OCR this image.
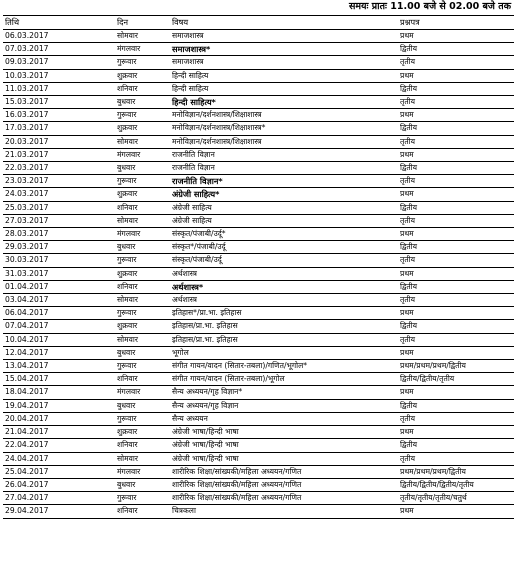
समयः प्रातः 11.00 बजे से 02.00 बजे तक
तिथि	दिन	विषय	प्रश्नपत्र
06.03.2017	सोमवार	समाजशास्त्र	प्रथम
07.03.2017	मंगलवार	समाजशास्त्र*	द्वितीय
09.03.2017	गुरूवार	समाजशास्त्र	तृतीय
10.03.2017	शुक्रवार	हिन्दी साहित्य	प्रथम
11.03.2017	शनिवार	हिन्दी साहित्य	द्वितीय
15.03.2017	बुधवार	हिन्दी साहित्य*	तृतीय
16.03.2017	गुरूवार	मनोविज्ञान/दर्शनशास्त्र/शिक्षाशास्त्र	प्रथम
17.03.2017	शुक्रवार	मनोविज्ञान/दर्शनशास्त्र/शिक्षाशास्त्र*	द्वितीय
20.03.2017	सोमवार	मनोविज्ञान/दर्शनशास्त्र/शिक्षाशास्त्र	तृतीय
21.03.2017	मंगलवार	राजनीति विज्ञान	प्रथम
22.03.2017	बुधवार	राजनीति विज्ञान	द्वितीय
23.03.2017	गुरूवार	राजनीति विज्ञान*	तृतीय
24.03.2017	शुक्रवार	अंग्रेजी साहित्य*	प्रथम
25.03.2017	शनिवार	अंग्रेजी साहित्य	द्वितीय
27.03.2017	सोमवार	अंग्रेजी साहित्य	तृतीय
28.03.2017	मंगलवार	संस्कृत/पंजाबी/उर्दू*	प्रथम
29.03.2017	बुधवार	संस्कृत*/पंजाबी/उर्दू	द्वितीय
30.03.2017	गुरूवार	संस्कृत/पंजाबी/उर्दू	तृतीय
31.03.2017	शुक्रवार	अर्थशास्त्र	प्रथम
01.04.2017	शनिवार	अर्थशास्त्र*	द्वितीय
03.04.2017	सोमवार	अर्थशास्त्र	तृतीय
06.04.2017	गुरूवार	इतिहास*/प्रा.भा. इतिहास	प्रथम
07.04.2017	शुक्रवार	इतिहास/प्रा.भा. इतिहास	द्वितीय
10.04.2017	सोमवार	इतिहास/प्रा.भा. इतिहास	तृतीय
12.04.2017	बुधवार	भूगोल	प्रथम
13.04.2017	गुरूवार	संगीत गायन/वादन (सितार-तबला)/गणित/भूगोल*	प्रथम/प्रथम/प्रथम/द्वितीय
15.04.2017	शनिवार	संगीत गायन/वादन (सितार-तबला)/भूगोल	द्वितीय/द्वितीय/तृतीय
18.04.2017	मंगलवार	सैन्य अध्ययन/गृह विज्ञान*	प्रथम
19.04.2017	बुधवार	सैन्य अध्ययन/गृह विज्ञान	द्वितीय
20.04.2017	गुरूवार	सैन्य अध्ययन	तृतीय
21.04.2017	शुक्रवार	अंग्रेजी भाषा/हिन्दी भाषा	प्रथम
22.04.2017	शनिवार	अंग्रेजी भाषा/हिन्दी भाषा	द्वितीय
24.04.2017	सोमवार	अंग्रेजी भाषा/हिन्दी भाषा	तृतीय
25.04.2017	मंगलवार	शारीरिक शिक्षा/सांख्यकी/महिला अध्ययन/गणित	प्रथम/प्रथम/प्रथम/द्वितीय
26.04.2017	बुधवार	शारीरिक शिक्षा/सांख्यकी/महिला अध्ययन/गणित	द्वितीय/द्वितीय/द्वितीय/तृतीय
27.04.2017	गुरूवार	शारीरिक शिक्षा/सांख्यकी/महिला अध्ययन/गणित	तृतीय/तृतीय/तृतीय/चतुर्थ
29.04.2017	शनिवार	चित्रकला	प्रथम
